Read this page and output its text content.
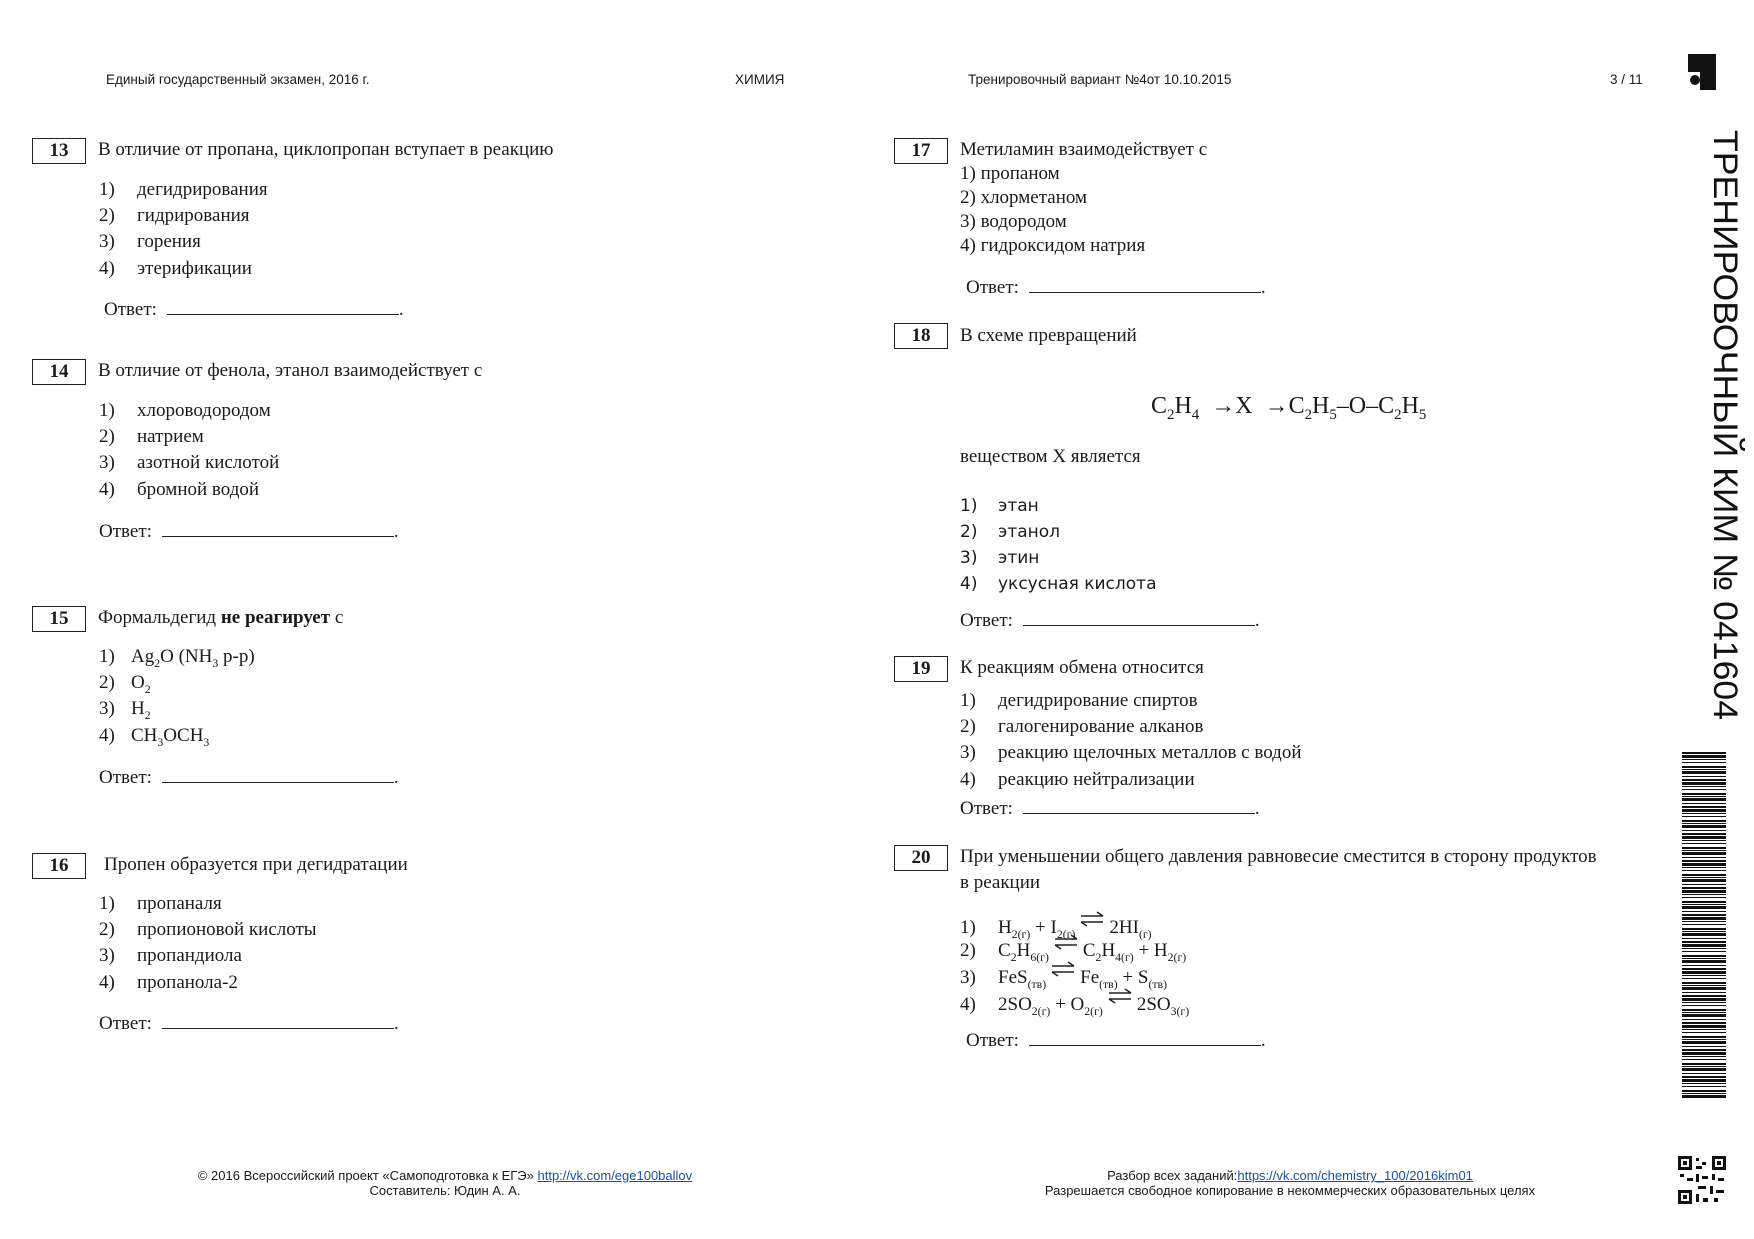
Единый государственный экзамен, 2016 г.	ХИМИЯ	Тренировочный вариант №4от 10.10.2015	3 / 11
13	В отличие от пропана, циклопропан вступает в реакцию
1) дегидрирования
2) гидрирования
3) горения
4) этерификации
Ответ:	.
14	В отличие от фенола, этанол взаимодействует с
1) хлороводородом
2) натрием
3) азотной кислотой
4) бромной водой
Ответ:	.
15	Формальдегид не реагирует с
1) $Ag_2O$ ($NH_3$ р-р)
2) $O_2$
3) $H_2$
4) $CH_3OCH_3$
Ответ:	.
16	Пропен образуется при дегидратации
1) пропаналя
2) пропионовой кислоты
3) пропандиола
4) пропанола-2
Ответ:	.
17	Метиламин взаимодействует с
1) пропаном
2) хлорметаном
3) водородом
4) гидроксидом натрия
Ответ:	.
18	В схеме превращений
$C_2H_4 \to X \to C_2H_5-O-C_2H_5$
веществом Х является
1) этан
2) этанол
3) этин
4) уксусная кислота
Ответ:	.
19	К реакциям обмена относится
1) дегидрирование спиртов
2) галогенирование алканов
3) реакцию щелочных металлов с водой
4) реакцию нейтрализации
Ответ:	.
20	При уменьшении общего давления равновесие сместится в сторону продуктов
в реакции
1) $H_{2(г)} + I_{2(г)}$ ⇌ $2HI_{(г)}$
2) $C_2H_{6(г)}$ ⇌ $C_2H_{4(г)} + H_{2(г)}$
3) FeS$_{(тв)}$ ⇌ $Fe_{(тв)} + S_{(тв)}$
4) $2SO_{2(г)} + O_{2(г)}$ ⇌ $2SO_{3(г)}$
Ответ:	.
ТРЕНИРОВОЧНЫЙ КИМ № 041604
© 2016 Всероссийский проект «Самоподготовка к ЕГЭ» http://vk.com/ege100ballov
Составитель: Юдин А. А.
Разбор всех заданий:https://vk.com/chemistry_100/2016kim01
Разрешается свободное копирование в некоммерческих образовательных целях
